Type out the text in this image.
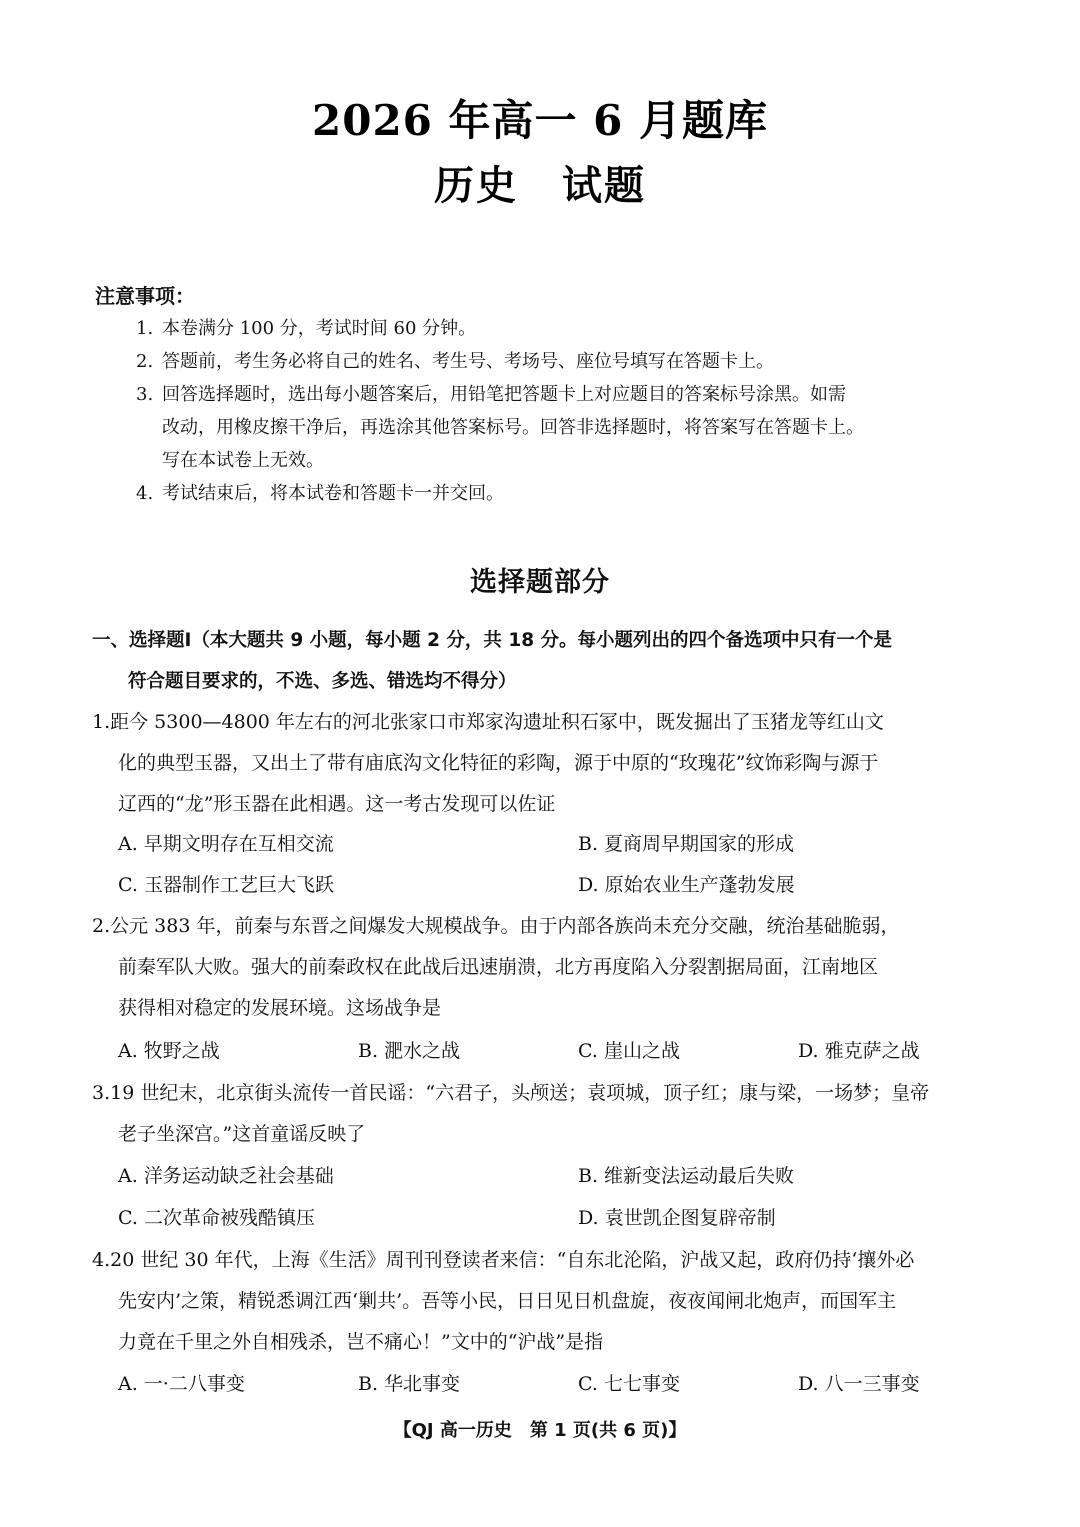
2026 年高一 6 月题库
历史 试题
注意事项：
1. 本卷满分 100 分，考试时间 60 分钟。
2. 答题前，考生务必将自己的姓名、考生号、考场号、座位号填写在答题卡上。
3. 回答选择题时，选出每小题答案后，用铅笔把答题卡上对应题目的答案标号涂黑。如需
改动，用橡皮擦干净后，再选涂其他答案标号。回答非选择题时，将答案写在答题卡上。
写在本试卷上无效。
4. 考试结束后，将本试卷和答题卡一并交回。
选择题部分
一、选择题Ⅰ（本大题共 9 小题，每小题 2 分，共 18 分。每小题列出的四个备选项中只有一个是
符合题目要求的，不选、多选、错选均不得分）
1.距今 5300—4800 年左右的河北张家口市郑家沟遗址积石冢中，既发掘出了玉猪龙等红山文
化的典型玉器，又出土了带有庙底沟文化特征的彩陶，源于中原的“玫瑰花”纹饰彩陶与源于
辽西的“龙”形玉器在此相遇。这一考古发现可以佐证
A. 早期文明存在互相交流	B. 夏商周早期国家的形成
C. 玉器制作工艺巨大飞跃	D. 原始农业生产蓬勃发展
2.公元 383 年，前秦与东晋之间爆发大规模战争。由于内部各族尚未充分交融，统治基础脆弱，
前秦军队大败。强大的前秦政权在此战后迅速崩溃，北方再度陷入分裂割据局面，江南地区
获得相对稳定的发展环境。这场战争是
A. 牧野之战	B. 淝水之战	C. 崖山之战	D. 雅克萨之战
3.19 世纪末，北京街头流传一首民谣：“六君子，头颅送；袁项城，顶子红；康与梁，一场梦；皇帝
老子坐深宫。”这首童谣反映了
A. 洋务运动缺乏社会基础	B. 维新变法运动最后失败
C. 二次革命被残酷镇压	D. 袁世凯企图复辟帝制
4.20 世纪 30 年代，上海《生活》周刊刊登读者来信：“自东北沦陷，沪战又起，政府仍持‘攘外必
先安内’之策，精锐悉调江西‘剿共’。吾等小民，日日见日机盘旋，夜夜闻闸北炮声，而国军主
力竟在千里之外自相残杀，岂不痛心！”文中的“沪战”是指
A. 一·二八事变	B. 华北事变	C. 七七事变	D. 八一三事变
【QJ 高一历史　第 1 页(共 6 页)】
